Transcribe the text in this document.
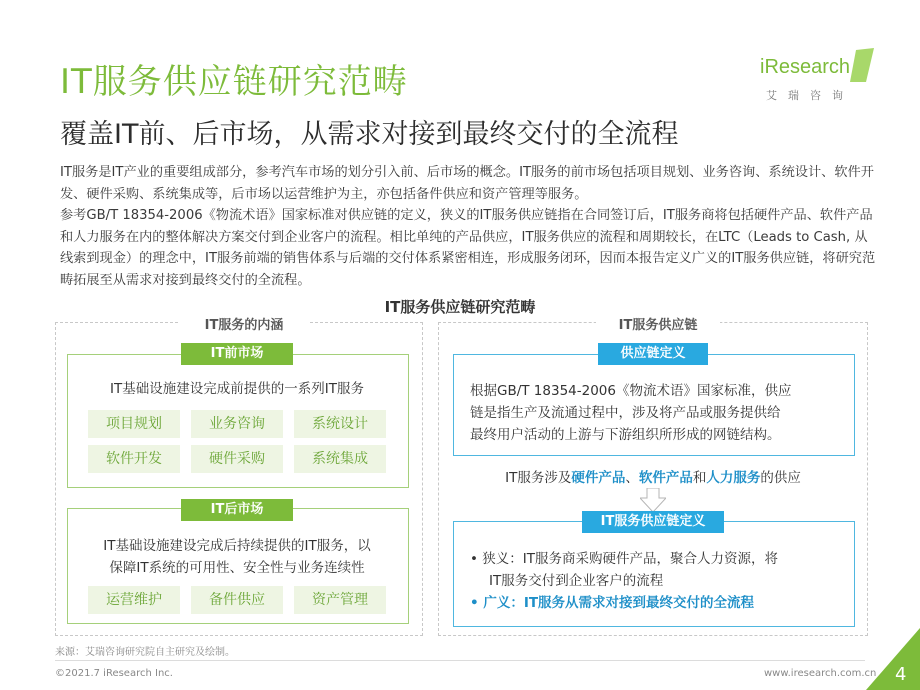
IT服务供应链研究范畴
覆盖IT前、后市场，从需求对接到最终交付的全流程
iResearch
艾瑞咨询

IT服务是IT产业的重要组成部分，参考汽车市场的划分引入前、后市场的概念。IT服务的前市场包括项目规划、业务咨询、系统设计、软件开发、硬件采购、系统集成等，后市场以运营维护为主，亦包括备件供应和资产管理等服务。

参考GB/T 18354-2006《物流术语》国家标准对供应链的定义，狭义的IT服务供应链指在合同签订后，IT服务商将包括硬件产品、软件产品和人力服务在内的整体解决方案交付到企业客户的流程。相比单纯的产品供应，IT服务供应的流程和周期较长，在LTC（Leads to Cash, 从线索到现金）的理念中，IT服务前端的销售体系与后端的交付体系紧密相连，形成服务闭环，因而本报告定义广义的IT服务供应链，将研究范畴拓展至从需求对接到最终交付的全流程。

IT服务供应链研究范畴
IT服务的内涵
IT前市场
IT基础设施建设完成前提供的一系列IT服务
项目规划	业务咨询	系统设计
软件开发	硬件采购	系统集成
IT后市场
IT基础设施建设完成后持续提供的IT服务，以
保障IT系统的可用性、安全性与业务连续性
运营维护	备件供应	资产管理
IT服务供应链
供应链定义
根据GB/T 18354-2006《物流术语》国家标准，供应
链是指生产及流通过程中，涉及将产品或服务提供给
最终用户活动的上游与下游组织所形成的网链结构。
IT服务涉及硬件产品、软件产品和人力服务的供应
IT服务供应链定义
• 狭义：IT服务商采购硬件产品，聚合人力资源，将
IT服务交付到企业客户的流程
• 广义：IT服务从需求对接到最终交付的全流程
来源：艾瑞咨询研究院自主研究及绘制。
©2021.7 iResearch Inc.	www.iresearch.com.cn 4
